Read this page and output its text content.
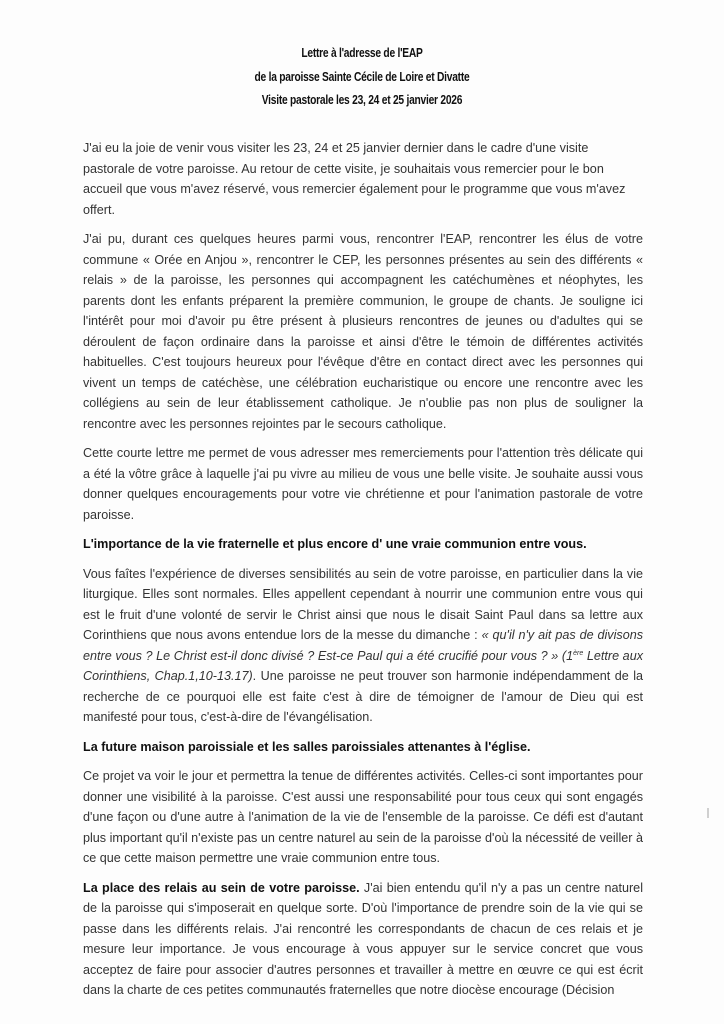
Lettre à l'adresse de l'EAP
de la paroisse Sainte Cécile de Loire et Divatte
Visite pastorale les 23, 24 et 25 janvier 2026

J'ai eu la joie de venir vous visiter les 23, 24 et 25 janvier dernier dans le cadre d'une visite pastorale de votre paroisse. Au retour de cette visite, je souhaitais vous remercier pour le bon accueil que vous m'avez réservé, vous remercier également pour le programme que vous m'avez offert.

J'ai pu, durant ces quelques heures parmi vous, rencontrer l'EAP, rencontrer les élus de votre commune « Orée en Anjou », rencontrer le CEP, les personnes présentes au sein des différents « relais » de la paroisse, les personnes qui accompagnent les catéchumènes et néophytes, les parents dont les enfants préparent la première communion, le groupe de chants. Je souligne ici l'intérêt pour moi d'avoir pu être présent à plusieurs rencontres de jeunes ou d'adultes qui se déroulent de façon ordinaire dans la paroisse et ainsi d'être le témoin de différentes activités habituelles. C'est toujours heureux pour l'évêque d'être en contact direct avec les personnes qui vivent un temps de catéchèse, une célébration eucharistique ou encore une rencontre avec les collégiens au sein de leur établissement catholique. Je n'oublie pas non plus de souligner la rencontre avec les personnes rejointes par le secours catholique.

Cette courte lettre me permet de vous adresser mes remerciements pour l'attention très délicate qui a été la vôtre grâce à laquelle j'ai pu vivre au milieu de vous une belle visite. Je souhaite aussi vous donner quelques encouragements pour votre vie chrétienne et pour l'animation pastorale de votre paroisse.

L'importance de la vie fraternelle et plus encore d' une vraie communion entre vous.

Vous faîtes l'expérience de diverses sensibilités au sein de votre paroisse, en particulier dans la vie liturgique. Elles sont normales. Elles appellent cependant à nourrir une communion entre vous qui est le fruit d'une volonté de servir le Christ ainsi que nous le disait Saint Paul dans sa lettre aux Corinthiens que nous avons entendue lors de la messe du dimanche : « qu'il n'y ait pas de divisons entre vous ? Le Christ est-il donc divisé ? Est-ce Paul qui a été crucifié pour vous ? » (1ère Lettre aux Corinthiens, Chap.1,10-13.17). Une paroisse ne peut trouver son harmonie indépendamment de la recherche de ce pourquoi elle est faite c'est à dire de témoigner de l'amour de Dieu qui est manifesté pour tous, c'est-à-dire de l'évangélisation.

La future maison paroissiale et les salles paroissiales attenantes à l'église.

Ce projet va voir le jour et permettra la tenue de différentes activités. Celles-ci sont importantes pour donner une visibilité à la paroisse. C'est aussi une responsabilité pour tous ceux qui sont engagés d'une façon ou d'une autre à l'animation de la vie de l'ensemble de la paroisse. Ce défi est d'autant plus important qu'il n'existe pas un centre naturel au sein de la paroisse d'où la nécessité de veiller à ce que cette maison permettre une vraie communion entre tous.

La place des relais au sein de votre paroisse. J'ai bien entendu qu'il n'y a pas un centre naturel de la paroisse qui s'imposerait en quelque sorte. D'où l'importance de prendre soin de la vie qui se passe dans les différents relais. J'ai rencontré les correspondants de chacun de ces relais et je mesure leur importance. Je vous encourage à vous appuyer sur le service concret que vous acceptez de faire pour associer d'autres personnes et travailler à mettre en œuvre ce qui est écrit dans la charte de ces petites communautés fraternelles que notre diocèse encourage (Décision
